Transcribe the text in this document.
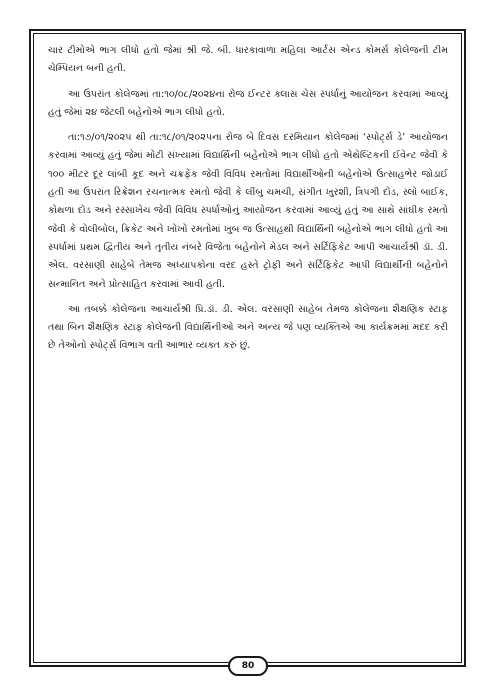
ચાર ટીમોએ ભાગ લીધો હતો જેમાં શ્રી જે. બી. ધારકાવાળા મહિલા આર્ટસ એન્ડ કોમર્સ કોલેજની ટીમ ચેમ્પિયન બની હતી.

આ ઉપરાંત કોલેજમાં તા:૧૦/૦૮/૨૦૨૪ના રોજ ઈન્ટર ક્લાસ ચેસ સ્પર્ધાનું આયોજન કરવામાં આવ્યું હતું જેમાં ૨૪ જેટલી બહેનોએ ભાગ લીધો હતો.

તા:૧૭/૦૧/૨૦૨૫ થી તા:૧૮/૦૧/૨૦૨૫ના રોજ બે દિવસ દરમિયાન કોલેજમાં ‘સ્પોર્ટ્સ ડે’ આયોજન કરવામાં આવ્યું હતું જેમાં મોટી સંખ્યામાં વિદ્યાર્થિની બહેનોએ ભાગ લીધો હતો એથેલ્ટિકની ઈવેન્ટ જેવી કે ૧૦૦ મીટર દૂર લાંબી કૂદ અને ચક્રફેંક જેવી વિવિધ રમતોમાં વિદ્યાર્થીઓની બહેનોએ ઉત્સાહભેર જોડાઈ હતી આ ઉપરાંત રિક્રેશન રચનાત્મક રમતો જેવી કે લીંબુ ચમચી, સંગીત ખુરશી, ત્રિપગી દોડ, સ્લો બાઈક, કોથળા દોડ અને રસ્સાખેચ જેવી વિવિધ સ્પર્ધાઓનું આયોજન કરવામાં આવ્યું હતું આ સાથે સાંઘીક રમતો જેવી કે વોલીબોલ, ક્રિકેટ અને ખોખો રમતોમાં ખુબ જ ઉત્સાહથી વિદ્યાર્થિની બહેનોએ ભાગ લીધો હતો આ સ્પર્ધામાં પ્રથમ દ્વિતીય અને તૃતીય નંબરે વિજેતા બહેનોને મેડલ અને સર્ટિફિકેટ આપી આચાર્યશ્રી ડૉ. ડી. એલ. વરસાણી સાહેબે તેમજ અધ્યાપકોના વરદ હસ્તે ટ્રોફી અને સર્ટિફિકેટ આપી વિદ્યાર્થીની બહેનોને સન્માનિત અને પ્રોત્સાહિત કરવામાં આવી હતી.

આ તબક્કે કોલેજના આચાર્યશ્રી પ્રિ.ડૉ. ડી. એલ. વરસાણી સાહેબ તેમજ કોલેજના શૈક્ષણિક સ્ટાફ તથા બિન શૈક્ષણિક સ્ટાફ કોલેજની વિદ્યાર્થિનીઓ અને અન્ય જે પણ વ્યક્તિએ આ કાર્યક્રમમાં મદદ કરી છે તેઓનો સ્પોર્ટ્સ વિભાગ વતી આભાર વ્યક્ત કરું છું.

80
